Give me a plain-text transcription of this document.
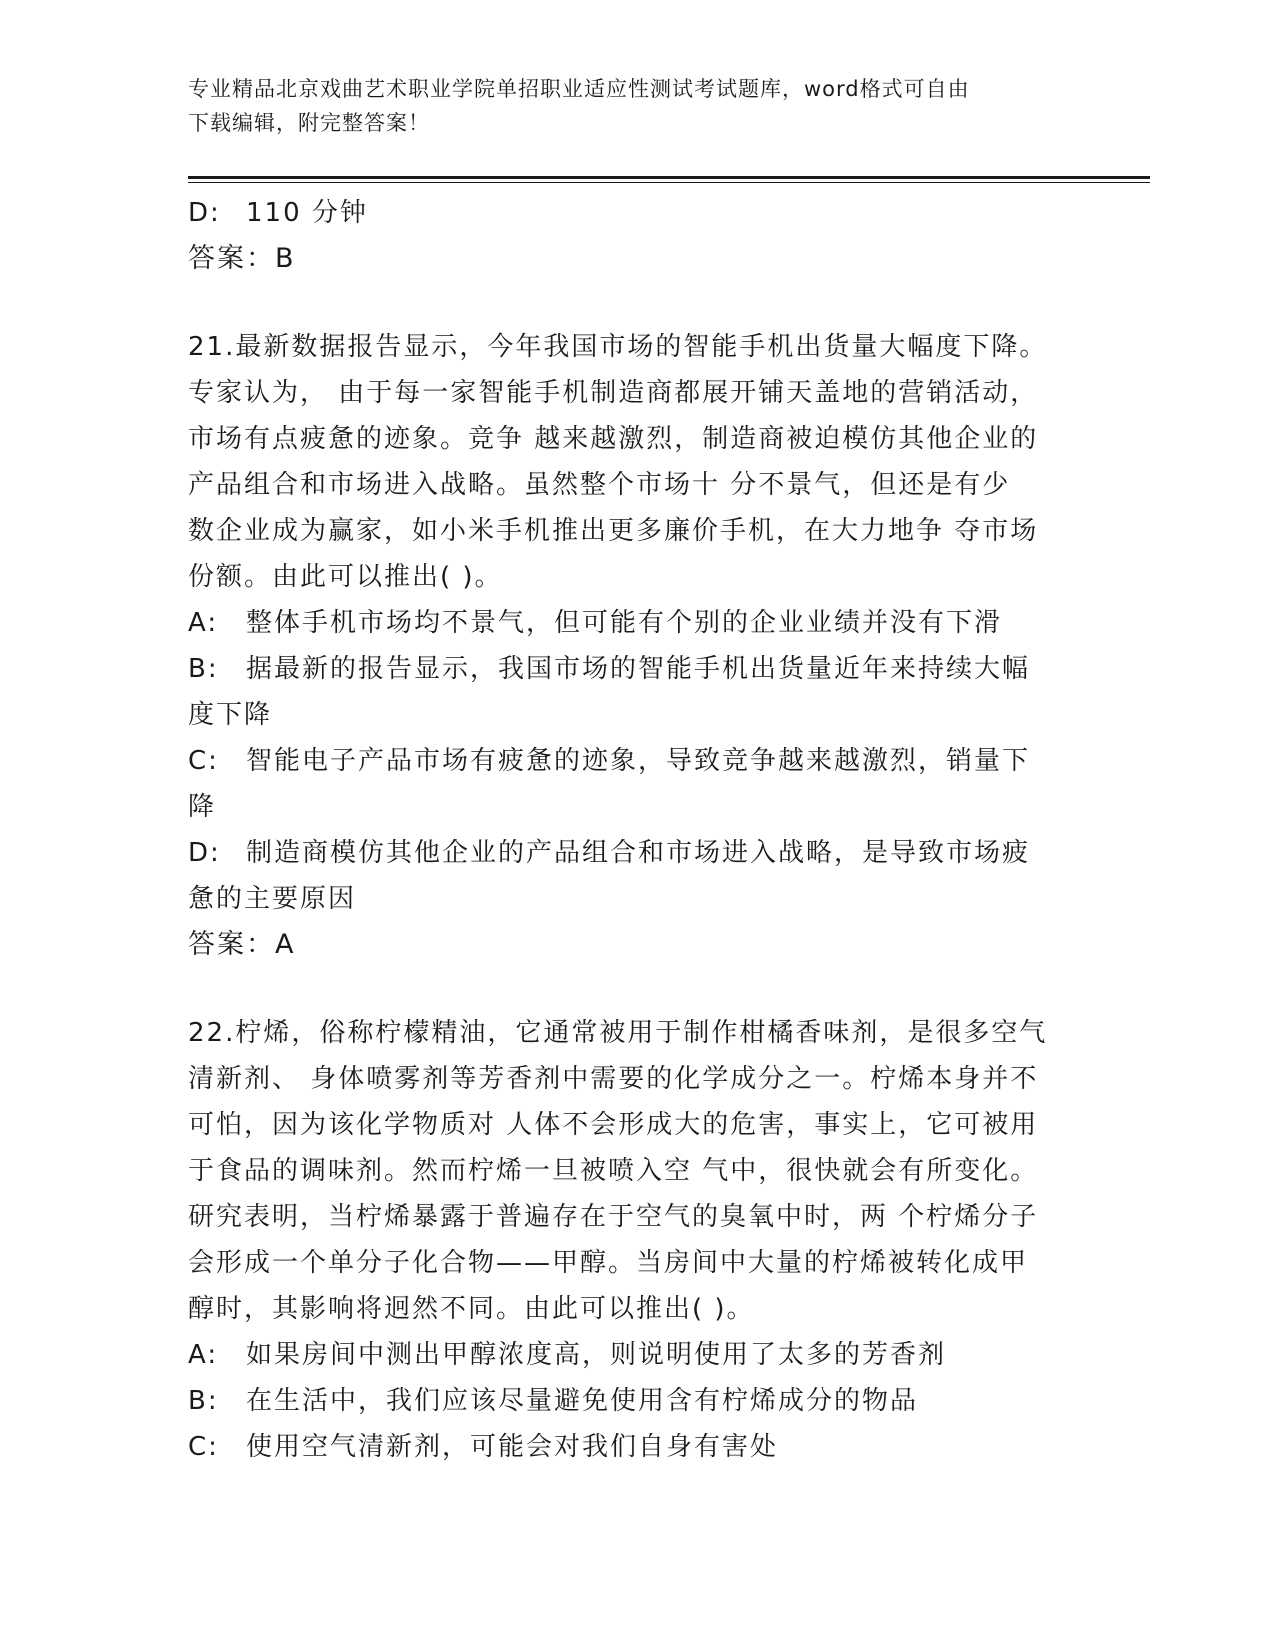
专业精品北京戏曲艺术职业学院单招职业适应性测试考试题库，word格式可自由
下载编辑，附完整答案！
D: 110 分钟
答案：B
21.最新数据报告显示，今年我国市场的智能手机出货量大幅度下降。
专家认为， 由于每一家智能手机制造商都展开铺天盖地的营销活动，
市场有点疲惫的迹象。竞争 越来越激烈，制造商被迫模仿其他企业的
产品组合和市场进入战略。虽然整个市场十 分不景气，但还是有少
数企业成为赢家，如小米手机推出更多廉价手机，在大力地争 夺市场
份额。由此可以推出( )。
A: 整体手机市场均不景气，但可能有个别的企业业绩并没有下滑
B: 据最新的报告显示，我国市场的智能手机出货量近年来持续大幅
度下降
C: 智能电子产品市场有疲惫的迹象，导致竞争越来越激烈，销量下
降
D: 制造商模仿其他企业的产品组合和市场进入战略，是导致市场疲
惫的主要原因
答案：A
22.柠烯，俗称柠檬精油，它通常被用于制作柑橘香味剂，是很多空气
清新剂、 身体喷雾剂等芳香剂中需要的化学成分之一。柠烯本身并不
可怕，因为该化学物质对 人体不会形成大的危害，事实上，它可被用
于食品的调味剂。然而柠烯一旦被喷入空 气中，很快就会有所变化。
研究表明，当柠烯暴露于普遍存在于空气的臭氧中时，两 个柠烯分子
会形成一个单分子化合物——甲醇。当房间中大量的柠烯被转化成甲
醇时，其影响将迥然不同。由此可以推出( )。
A: 如果房间中测出甲醇浓度高，则说明使用了太多的芳香剂
B: 在生活中，我们应该尽量避免使用含有柠烯成分的物品
C: 使用空气清新剂，可能会对我们自身有害处
